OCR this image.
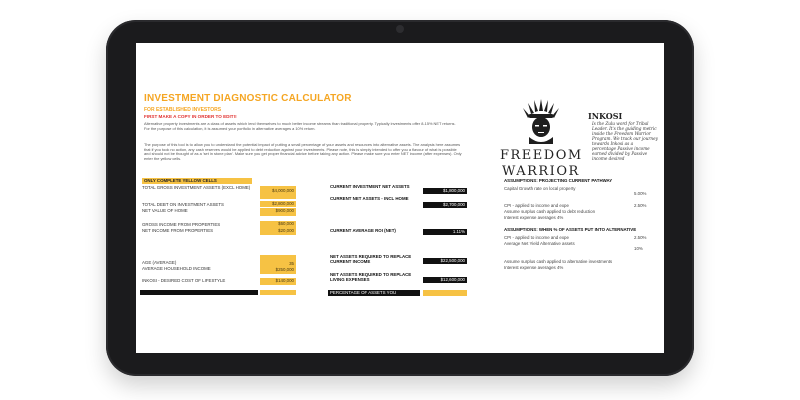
INVESTMENT DIAGNOSTIC CALCULATOR
FOR ESTABLISHED INVESTORS
FIRST MAKE A COPY IN ORDER TO EDIT!!
Alternative property investments are a class of assets which lend themselves to much better income streams than traditional property. Typically investments offer 8-15% NET returns. For the purpose of this calculation, it is assumed your portfolio in alternative averages a 10% return.
The purpose of this tool is to allow you to understand the potential impact of putting a small percentage of your assets and resources into alternative assets. The analysis here assumes that if you took no action, any cash reserves would be applied to debt reduction against your investments. Please note, this is simply intended to offer you a flavour of what is possible and should not be thought of as a 'set in stone plan'. Make sure you get proper financial advice before taking any action. Please make sure you enter NET income (after expenses). Only enter the yellow cells.
ONLY COMPLETE YELLOW CELLS
TOTAL GROSS INVESTMENT ASSETS (EXCL HOME)
$4,000,000
TOTAL DEBT ON INVESTMENT ASSETS	$2,800,000
NET VALUE OF HOME	$900,000
GROSS INCOME FROM PROPERTIES	$60,000
NET INCOME FROM PROPERTIES	$20,000
AGE (AVERAGE)	35
AVERAGE HOUSEHOLD INCOME	$250,000
INKOSI - DESIRED COST OF LIFESTYLE	$140,000
CURRENT INVESTMENT NET ASSETS
$1,800,000
CURRENT NET ASSETS - INCL HOME
$2,700,000
CURRENT AVERAGE ROI (NET)	1.11%
NET ASSETS REQUIRED TO REPLACE CURRENT INCOME	$22,500,000
NET ASSETS REQUIRED TO REPLACE LIVING EXPENSES	$12,600,000
PERCENTAGE OF ASSETS YOU
FREEDOM
WARRIOR
INKOSI
Is the Zulu word for Tribal Leader. It's the guiding metric inside the Freedom Warrior Program. We track our journey towards Inkosi as a percentage Passive income earned divided by Passive income desired
ASSUMPTIONS: PROJECTING CURRENT PATHWAY
Capital Growth rate on local property
5.00%
CPI - applied to income and expe	2.50%
Assume surplus cash applied to debt reduction
Interest expense averages 4%
ASSUMPTIONS: WHEN % OF ASSETS PUT INTO ALTERNATIVE
CPI - applied to income and expe	2.50%
Average Net Yield Alternative assets
10%
Assume surplus cash applied to alternative investments
Interest expense averages 4%
